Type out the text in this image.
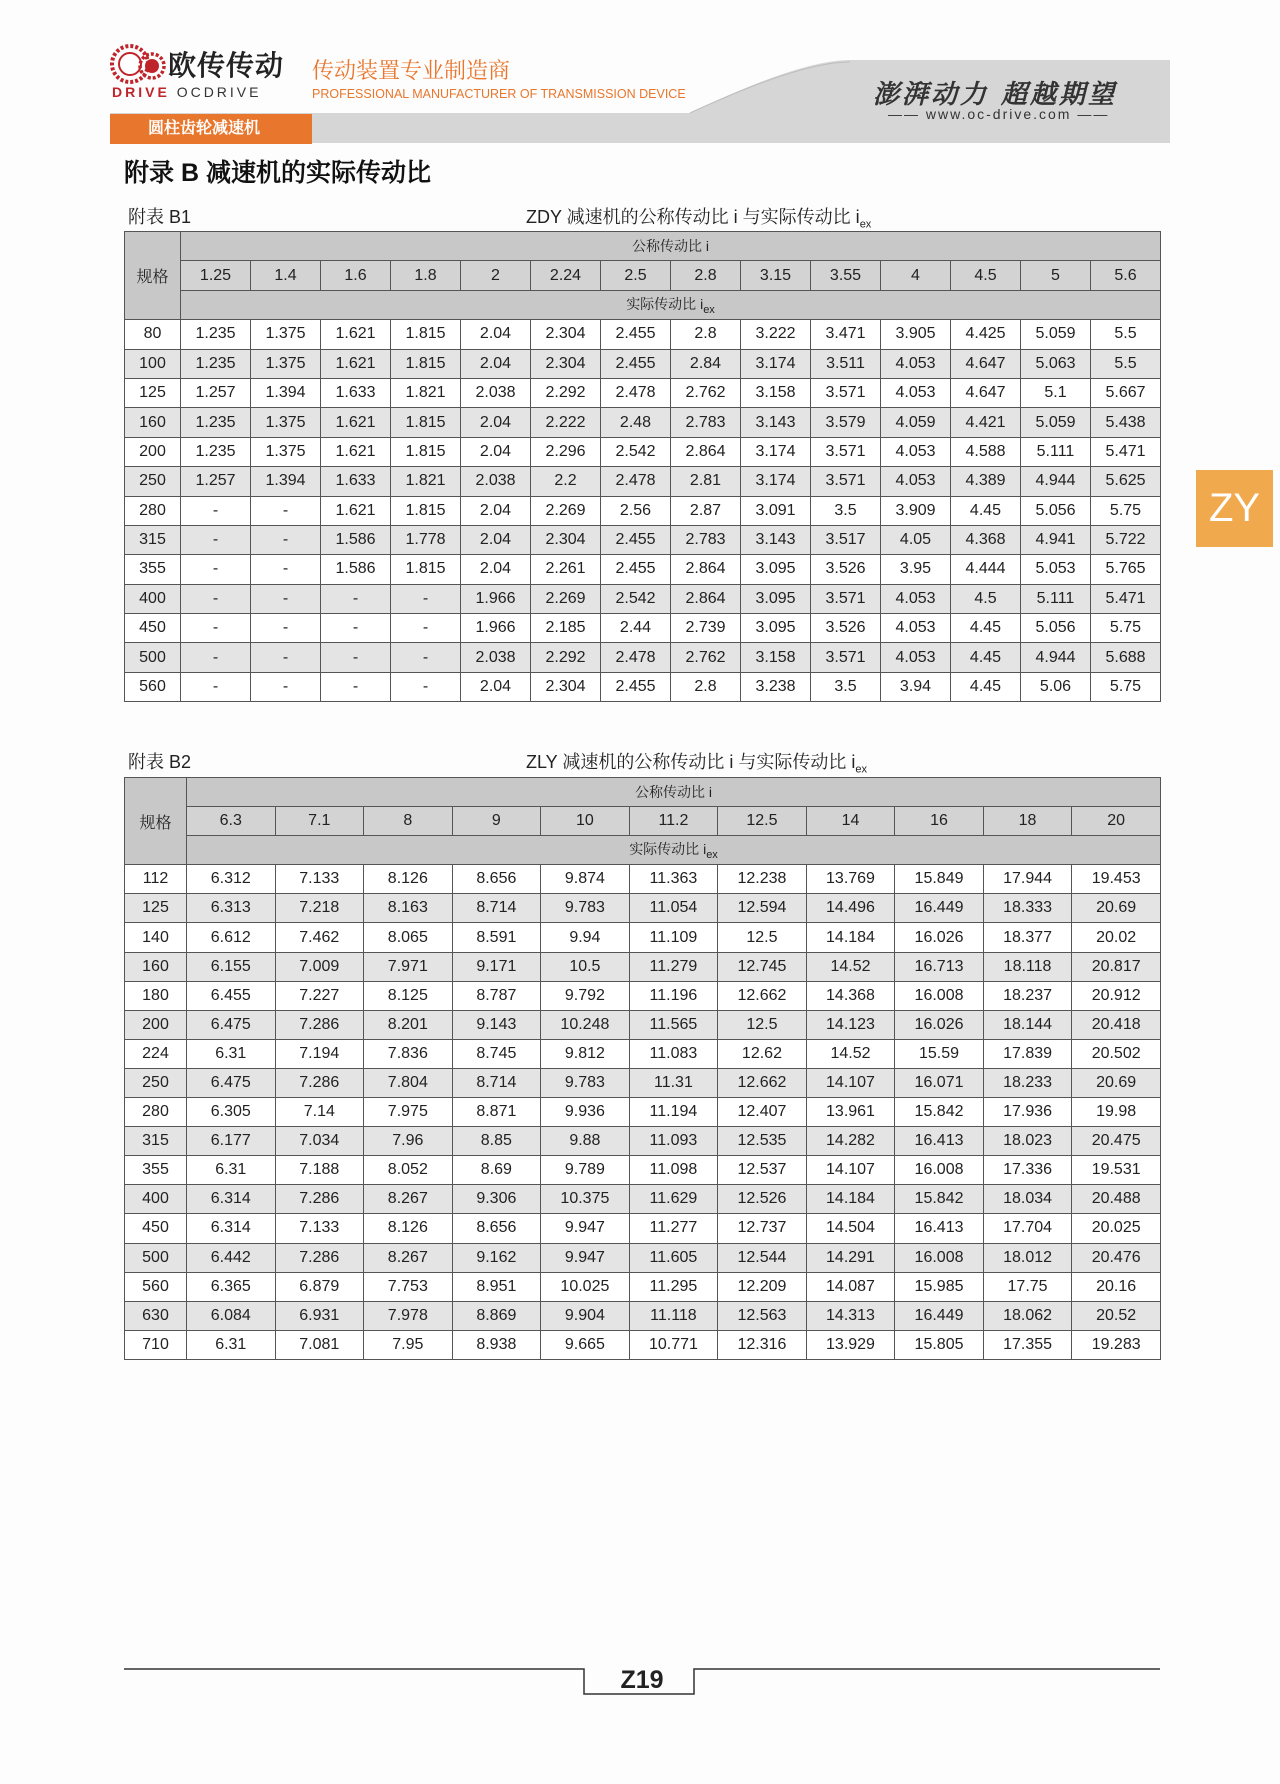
欧传传动
DRIVE OCDRIVE
传动装置专业制造商
PROFESSIONAL MANUFACTURER OF TRANSMISSION DEVICE	澎湃动力 超越期望
—— www.oc-drive.com ——
圆柱齿轮减速机
附录 B 减速机的实际传动比
ZY
附表 B1	ZDY 减速机的公称传动比 i 与实际传动比 $i_{ex}$
规格	公称传动比 i													
	1.25	1.4	1.6	1.8	2	2.24	2.5	2.8	3.15	3.55	4	4.5	5	5.6
	实际传动比 $i_{ex}$
80	1.235	1.375	1.621	1.815	2.04	2.304	2.455	2.8	3.222	3.471	3.905	4.425	5.059	5.5
100	1.235	1.375	1.621	1.815	2.04	2.304	2.455	2.84	3.174	3.511	4.053	4.647	5.063	5.5
125	1.257	1.394	1.633	1.821	2.038	2.292	2.478	2.762	3.158	3.571	4.053	4.647	5.1	5.667
160	1.235	1.375	1.621	1.815	2.04	2.222	2.48	2.783	3.143	3.579	4.059	4.421	5.059	5.438
200	1.235	1.375	1.621	1.815	2.04	2.296	2.542	2.864	3.174	3.571	4.053	4.588	5.111	5.471
250	1.257	1.394	1.633	1.821	2.038	2.2	2.478	2.81	3.174	3.571	4.053	4.389	4.944	5.625
280	-	-	1.621	1.815	2.04	2.269	2.56	2.87	3.091	3.5	3.909	4.45	5.056	5.75
315	-	-	1.586	1.778	2.04	2.304	2.455	2.783	3.143	3.517	4.05	4.368	4.941	5.722
355	-	-	1.586	1.815	2.04	2.261	2.455	2.864	3.095	3.526	3.95	4.444	5.053	5.765
400	-	-	-	-	1.966	2.269	2.542	2.864	3.095	3.571	4.053	4.5	5.111	5.471
450	-	-	-	-	1.966	2.185	2.44	2.739	3.095	3.526	4.053	4.45	5.056	5.75
500	-	-	-	-	2.038	2.292	2.478	2.762	3.158	3.571	4.053	4.45	4.944	5.688
560	-	-	-	-	2.04	2.304	2.455	2.8	3.238	3.5	3.94	4.45	5.06	5.75
附表 B2	ZLY 减速机的公称传动比 i 与实际传动比 $i_{ex}$
规格	公称传动比 i										
	6.3	7.1	8	9	10	11.2	12.5	14	16	18	20
	实际传动比 $i_{ex}$
112	6.312	7.133	8.126	8.656	9.874	11.363	12.238	13.769	15.849	17.944	19.453
125	6.313	7.218	8.163	8.714	9.783	11.054	12.594	14.496	16.449	18.333	20.69
140	6.612	7.462	8.065	8.591	9.94	11.109	12.5	14.184	16.026	18.377	20.02
160	6.155	7.009	7.971	9.171	10.5	11.279	12.745	14.52	16.713	18.118	20.817
180	6.455	7.227	8.125	8.787	9.792	11.196	12.662	14.368	16.008	18.237	20.912
200	6.475	7.286	8.201	9.143	10.248	11.565	12.5	14.123	16.026	18.144	20.418
224	6.31	7.194	7.836	8.745	9.812	11.083	12.62	14.52	15.59	17.839	20.502
250	6.475	7.286	7.804	8.714	9.783	11.31	12.662	14.107	16.071	18.233	20.69
280	6.305	7.14	7.975	8.871	9.936	11.194	12.407	13.961	15.842	17.936	19.98
315	6.177	7.034	7.96	8.85	9.88	11.093	12.535	14.282	16.413	18.023	20.475
355	6.31	7.188	8.052	8.69	9.789	11.098	12.537	14.107	16.008	17.336	19.531
400	6.314	7.286	8.267	9.306	10.375	11.629	12.526	14.184	15.842	18.034	20.488
450	6.314	7.133	8.126	8.656	9.947	11.277	12.737	14.504	16.413	17.704	20.025
500	6.442	7.286	8.267	9.162	9.947	11.605	12.544	14.291	16.008	18.012	20.476
560	6.365	6.879	7.753	8.951	10.025	11.295	12.209	14.087	15.985	17.75	20.16
630	6.084	6.931	7.978	8.869	9.904	11.118	12.563	14.313	16.449	18.062	20.52
710	6.31	7.081	7.95	8.938	9.665	10.771	12.316	13.929	15.805	17.355	19.283
Z19
